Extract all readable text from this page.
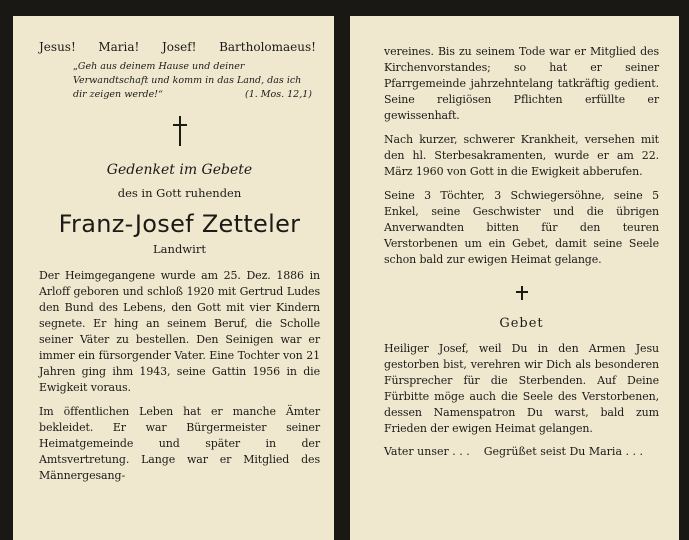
Jesus! Maria! Josef! Bartholomaeus!
„Geh aus deinem Hause und deiner Verwandtschaft und komm in das Land, das ich dir zeigen werde!“	(1. Mos. 12,1)
Gedenket im Gebete
des in Gott ruhenden
Franz-Josef Zetteler
Landwirt

Der Heimgegangene wurde am 25. Dez. 1886 in Arloff geboren und schloß 1920 mit Gertrud Ludes den Bund des Lebens, den Gott mit vier Kindern segnete. Er hing an seinem Beruf, die Scholle seiner Väter zu bestellen. Den Seinigen war er immer ein fürsorgender Vater. Eine Tochter von 21 Jahren ging ihm 1943, seine Gattin 1956 in die Ewigkeit voraus.

Im öffentlichen Leben hat er manche Ämter bekleidet. Er war Bürgermeister seiner Heimatgemeinde und später in der Amtsvertretung. Lange war er Mitglied des Männergesang-

vereines. Bis zu seinem Tode war er Mitglied des Kirchenvorstandes; so hat er seiner Pfarrgemeinde jahrzehntelang tatkräftig gedient. Seine religiösen Pflichten erfüllte er gewissenhaft.

Nach kurzer, schwerer Krankheit, versehen mit den hl. Sterbesakramenten, wurde er am 22. März 1960 von Gott in die Ewigkeit abberufen.

Seine 3 Töchter, 3 Schwiegersöhne, seine 5 Enkel, seine Geschwister und die übrigen Anverwandten bitten für den teuren Verstorbenen um ein Gebet, damit seine Seele schon bald zur ewigen Heimat gelange.

Gebet

Heiliger Josef, weil Du in den Armen Jesu gestorben bist, verehren wir Dich als besonderen Fürsprecher für die Sterbenden. Auf Deine Fürbitte möge auch die Seele des Verstorbenen, dessen Namenspatron Du warst, bald zum Frieden der ewigen Heimat gelangen.

Vater unser . . . Gegrüßet seist Du Maria . . .
